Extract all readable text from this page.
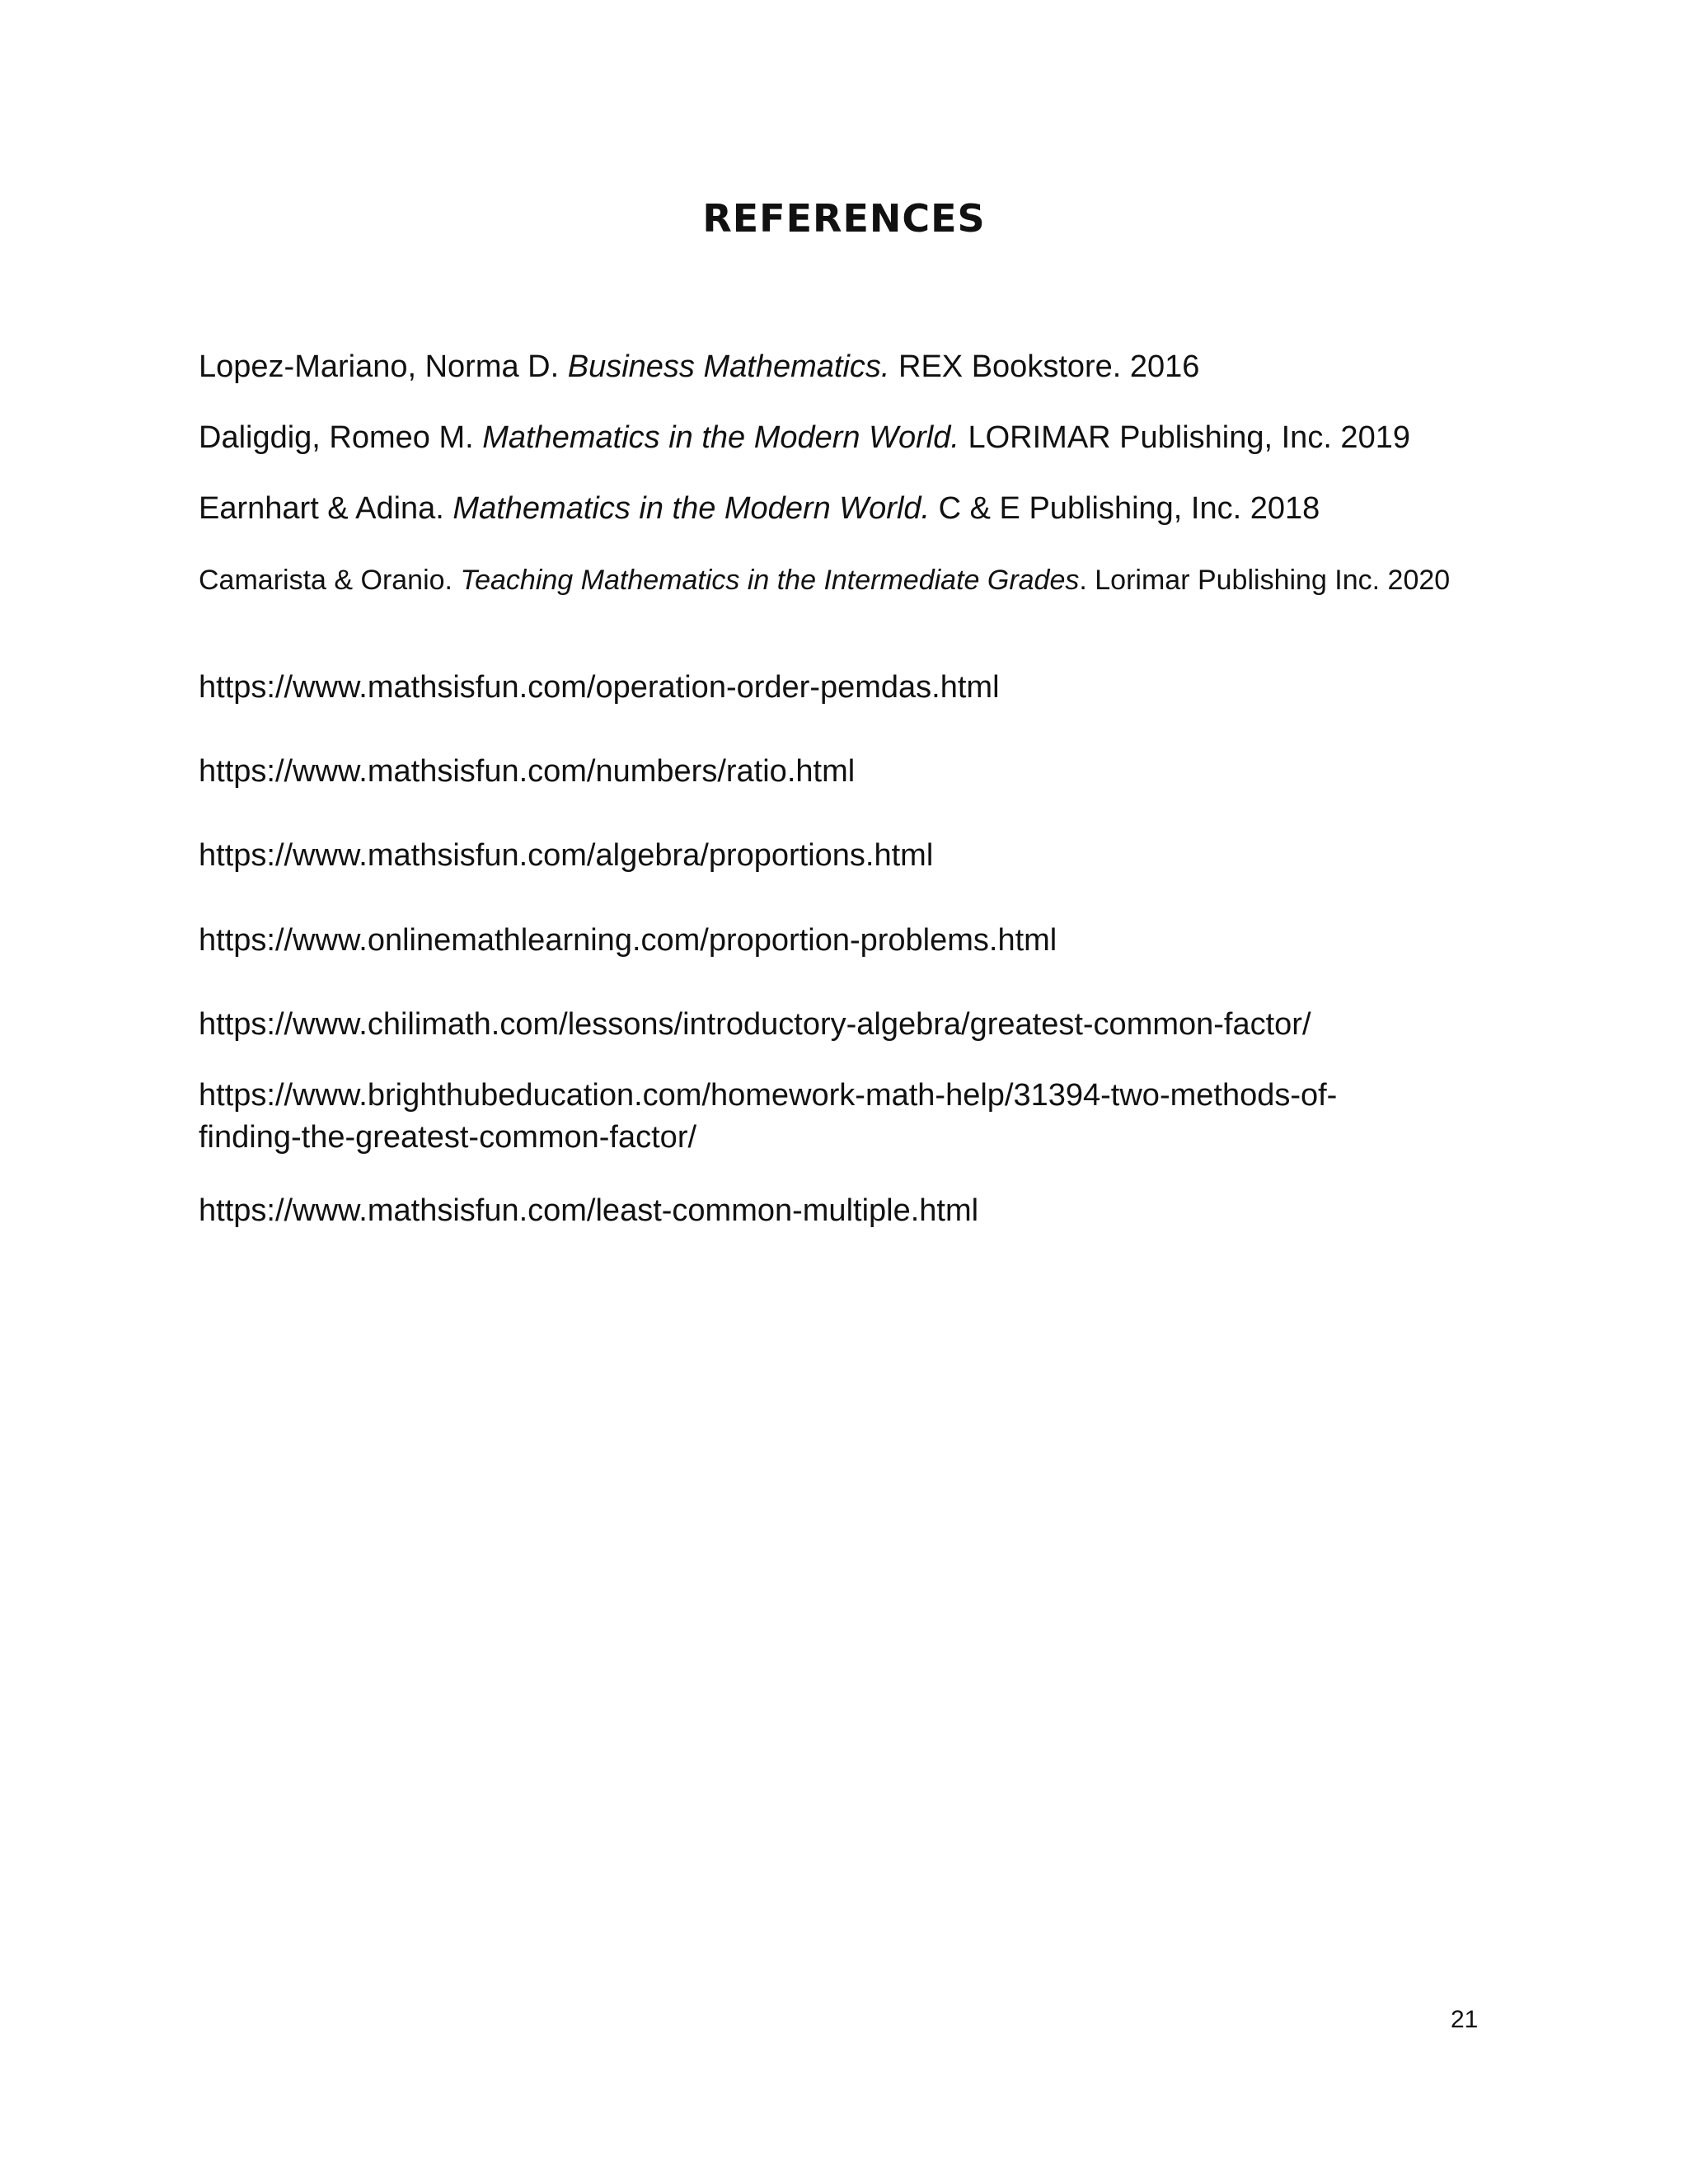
REFERENCES

Lopez-Mariano, Norma D. Business Mathematics. REX Bookstore. 2016

Daligdig, Romeo M. Mathematics in the Modern World. LORIMAR Publishing, Inc. 2019

Earnhart & Adina. Mathematics in the Modern World. C & E Publishing, Inc. 2018

Camarista & Oranio. Teaching Mathematics in the Intermediate Grades. Lorimar Publishing Inc. 2020

https://www.mathsisfun.com/operation-order-pemdas.html

https://www.mathsisfun.com/numbers/ratio.html

https://www.mathsisfun.com/algebra/proportions.html

https://www.onlinemathlearning.com/proportion-problems.html

https://www.chilimath.com/lessons/introductory-algebra/greatest-common-factor/

https://www.brighthubeducation.com/homework-math-help/31394-two-methods-of-finding-the-greatest-common-factor/

https://www.mathsisfun.com/least-common-multiple.html

21
